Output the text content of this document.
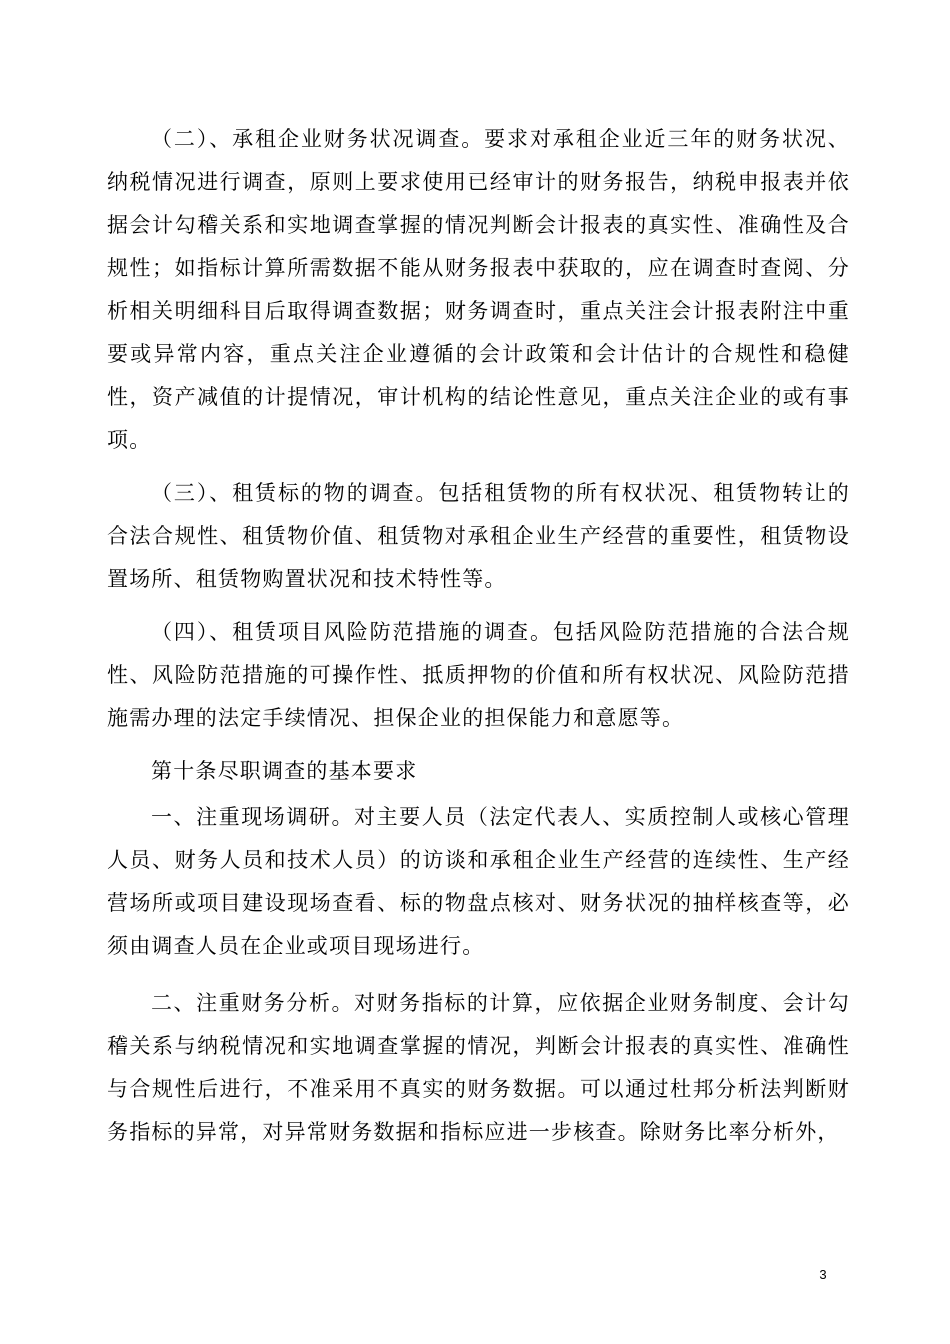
（二）、承租企业财务状况调查。要求对承租企业近三年的财务状况、纳税情况进行调查，原则上要求使用已经审计的财务报告，纳税申报表并依据会计勾稽关系和实地调查掌握的情况判断会计报表的真实性、准确性及合规性；如指标计算所需数据不能从财务报表中获取的，应在调查时查阅、分析相关明细科目后取得调查数据；财务调查时，重点关注会计报表附注中重要或异常内容，重点关注企业遵循的会计政策和会计估计的合规性和稳健性，资产减值的计提情况，审计机构的结论性意见，重点关注企业的或有事项。

（三）、租赁标的物的调查。包括租赁物的所有权状况、租赁物转让的合法合规性、租赁物价值、租赁物对承租企业生产经营的重要性，租赁物设置场所、租赁物购置状况和技术特性等。

（四）、租赁项目风险防范措施的调查。包括风险防范措施的合法合规性、风险防范措施的可操作性、抵质押物的价值和所有权状况、风险防范措施需办理的法定手续情况、担保企业的担保能力和意愿等。

第十条尽职调查的基本要求

一、注重现场调研。对主要人员（法定代表人、实质控制人或核心管理人员、财务人员和技术人员）的访谈和承租企业生产经营的连续性、生产经营场所或项目建设现场查看、标的物盘点核对、财务状况的抽样核查等，必须由调查人员在企业或项目现场进行。

二、注重财务分析。对财务指标的计算，应依据企业财务制度、会计勾稽关系与纳税情况和实地调查掌握的情况，判断会计报表的真实性、准确性与合规性后进行，不准采用不真实的财务数据。可以通过杜邦分析法判断财务指标的异常，对异常财务数据和指标应进一步核查。除财务比率分析外，

3
